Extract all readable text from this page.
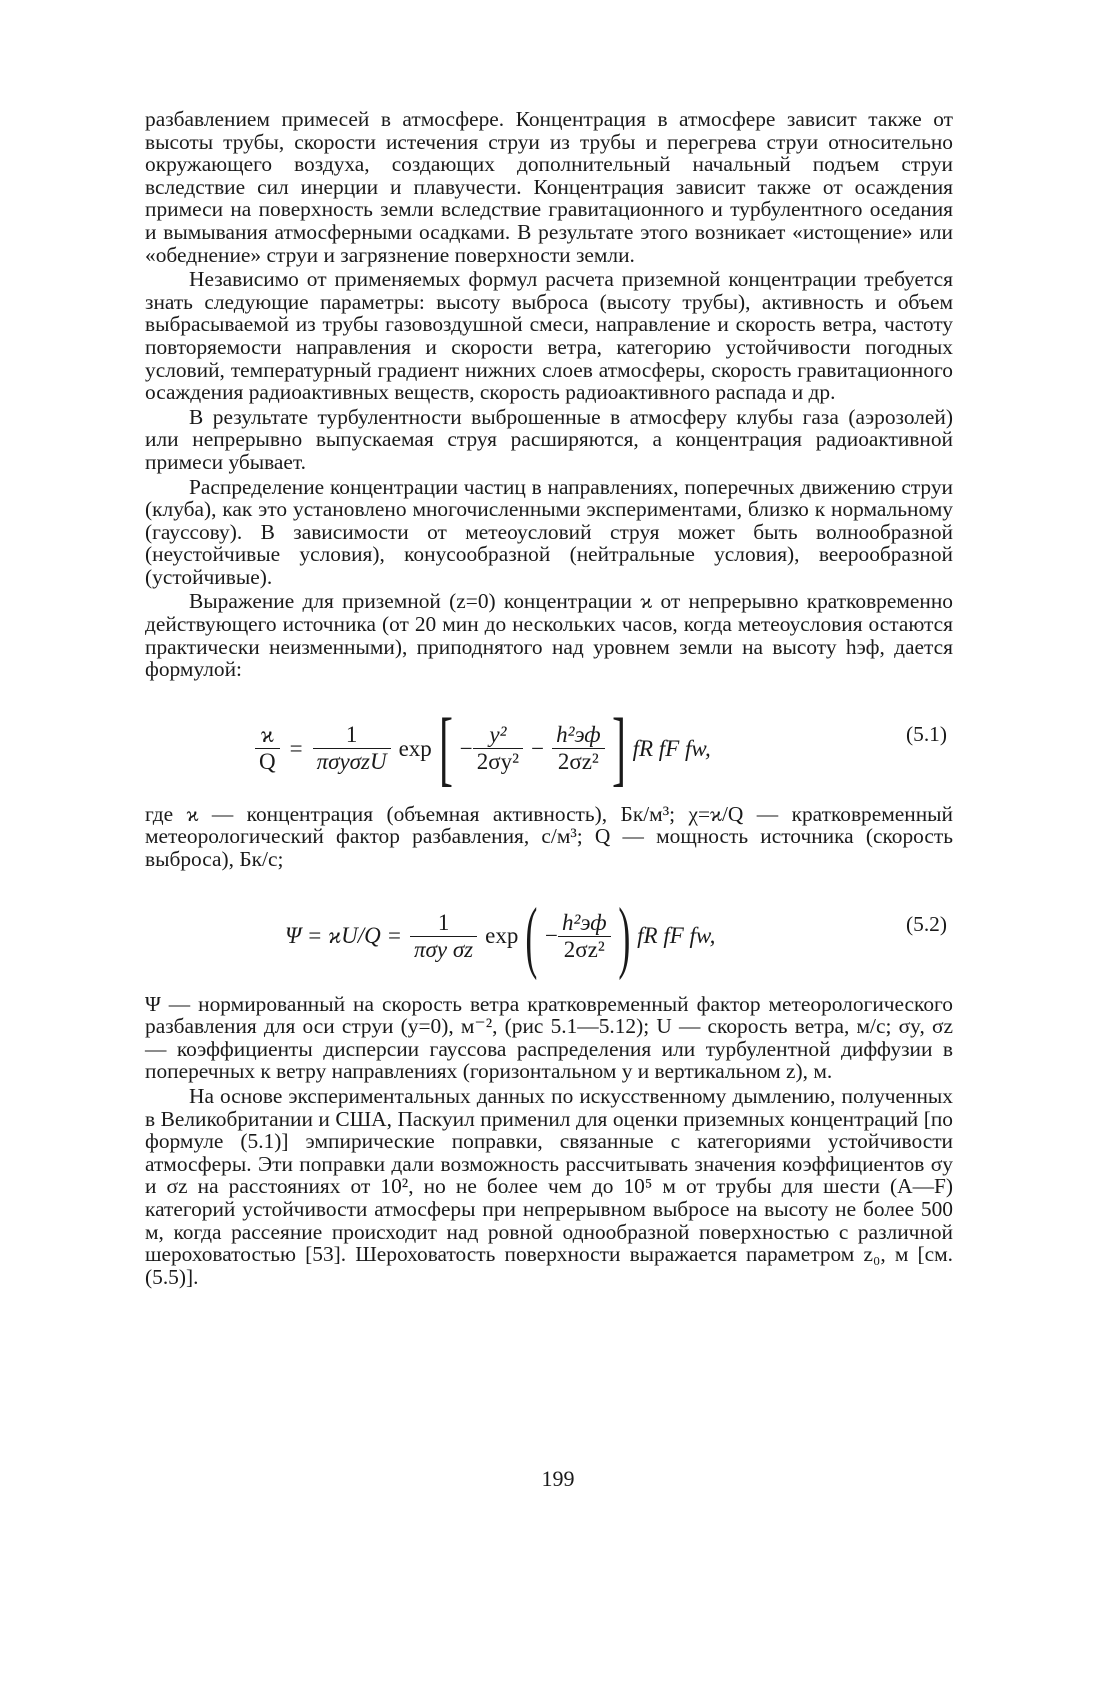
разбавлением примесей в атмосфере. Концентрация в атмосфере зависит также от высоты трубы, скорости истечения струи из трубы и перегрева струи относительно окружающего воздуха, создающих дополнительный начальный подъем струи вследствие сил инерции и плавучести. Концентрация зависит также от осаждения примеси на поверхность земли вследствие гравитационного и турбулентного оседания и вымывания атмосферными осадками. В результате этого возникает «истощение» или «обеднение» струи и загрязнение поверхности земли.

Независимо от применяемых формул расчета приземной концентрации требуется знать следующие параметры: высоту выброса (высоту трубы), активность и объем выбрасываемой из трубы газовоздушной смеси, направление и скорость ветра, частоту повторяемости направления и скорости ветра, категорию устойчивости погодных условий, температурный градиент нижних слоев атмосферы, скорость гравитационного осаждения радиоактивных веществ, скорость радиоактивного распада и др.

В результате турбулентности выброшенные в атмосферу клубы газа (аэрозолей) или непрерывно выпускаемая струя расширяются, а концентрация радиоактивной примеси убывает.

Распределение концентрации частиц в направлениях, поперечных движению струи (клуба), как это установлено многочисленными экспериментами, близко к нормальному (гауссову). В зависимости от метеоусловий струя может быть волнообразной (неустойчивые условия), конусообразной (нейтральные условия), веерообразной (устойчивые).

Выражение для приземной (z=0) концентрации ϰ от непрерывно кратковременно действующего источника (от 20 мин до нескольких часов, когда метеоусловия остаются практически неизменными), приподнятого над уровнем земли на высоту hэф, дается формулой:

$\frac{ϰ}{Q} = \frac{1}{\text{πσyσzU}}$ exp [ − $\frac{\text{y²}}{\text{2σy²}} - \frac{\text{h²эф}}{\text{2σz²}}$ ] fR fF fw,
(5.1)

где ϰ — концентрация (объемная активность), Бк/м³; χ=ϰ/Q — кратковременный метеорологический фактор разбавления, с/м³; Q — мощность источника (скорость выброса), Бк/с;

$\Psi = ϰU/Q = \frac{1}{\text{πσy σz}}$ exp ( − $\frac{\text{h²эф}}{\text{2σz²}}$ ) fR fF fw,	(5.2)

Ψ — нормированный на скорость ветра кратковременный фактор метеорологического разбавления для оси струи (y=0), м⁻², (рис 5.1—5.12); U — скорость ветра, м/с; σy, σz — коэффициенты дисперсии гауссова распределения или турбулентной диффузии в поперечных к ветру направлениях (горизонтальном y и вертикальном z), м.

На основе экспериментальных данных по искусственному дымлению, полученных в Великобритании и США, Паскуил применил для оценки приземных концентраций [по формуле (5.1)] эмпирические поправки, связанные с категориями устойчивости атмосферы. Эти поправки дали возможность рассчитывать значения коэффициентов σy и σz на расстояниях от 10², но не более чем до 10⁵ м от трубы для шести (A—F) категорий устойчивости атмосферы при непрерывном выбросе на высоту не более 500 м, когда рассеяние происходит над ровной однообразной поверхностью с различной шероховатостью [53]. Шероховатость поверхности выражается параметром z₀, м [см.(5.5)].

199
